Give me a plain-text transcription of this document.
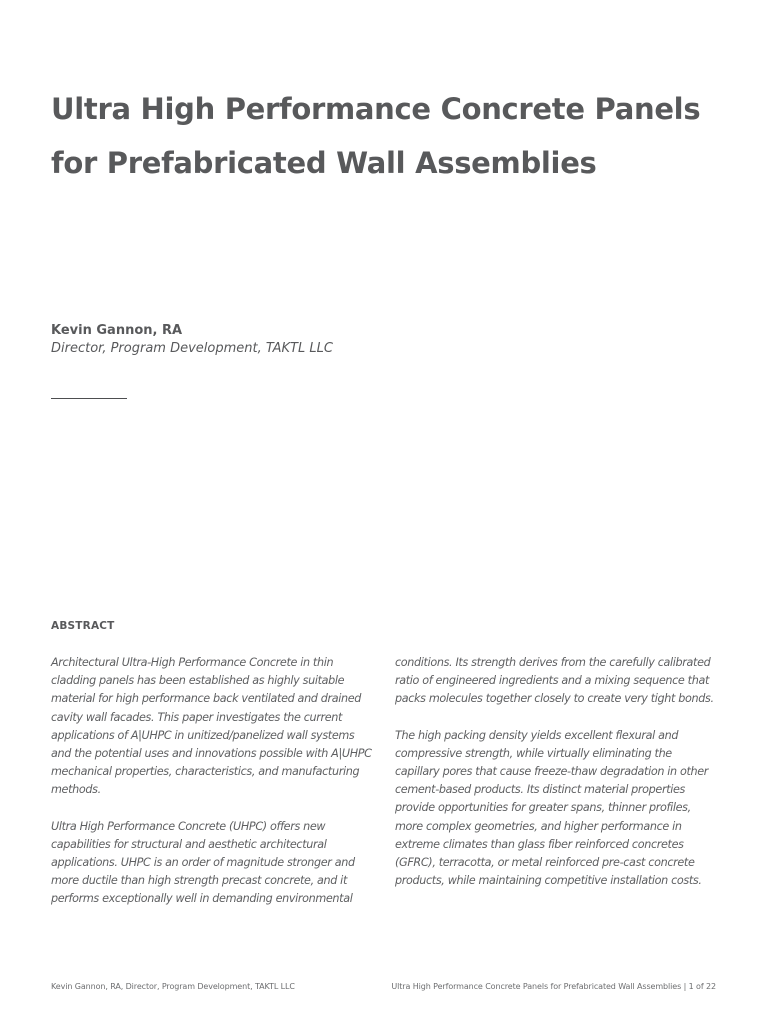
Ultra High Performance Concrete Panels
for Prefabricated Wall Assemblies
Kevin Gannon, RA
Director, Program Development, TAKTL LLC
ABSTRACT

Architectural Ultra-High Performance Concrete in thin
cladding panels has been established as highly suitable
material for high performance back ventilated and drained
cavity wall facades. This paper investigates the current
applications of A|UHPC in unitized/panelized wall systems
and the potential uses and innovations possible with A|UHPC
mechanical properties, characteristics, and manufacturing
methods.

Ultra High Performance Concrete (UHPC) offers new
capabilities for structural and aesthetic architectural
applications. UHPC is an order of magnitude stronger and
more ductile than high strength precast concrete, and it
performs exceptionally well in demanding environmental

conditions. Its strength derives from the carefully calibrated
ratio of engineered ingredients and a mixing sequence that
packs molecules together closely to create very tight bonds.

The high packing density yields excellent flexural and
compressive strength, while virtually eliminating the
capillary pores that cause freeze-thaw degradation in other
cement-based products. Its distinct material properties
provide opportunities for greater spans, thinner profiles,
more complex geometries, and higher performance in
extreme climates than glass fiber reinforced concretes
(GFRC), terracotta, or metal reinforced pre-cast concrete
products, while maintaining competitive installation costs.

Kevin Gannon, RA, Director, Program Development, TAKTL LLC	Ultra High Performance Concrete Panels for Prefabricated Wall Assemblies | 1 of 22
